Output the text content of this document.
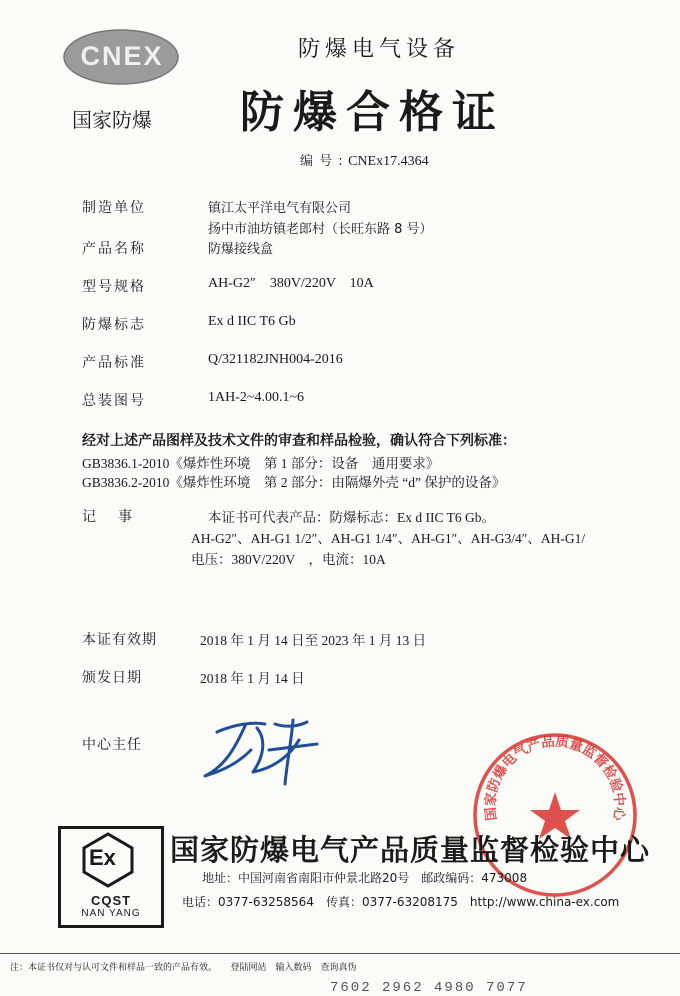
CNEX
国家防爆
防爆电气设备
防爆合格证
编 号 : CNEx17.4364
制造单位	镇江太平洋电气有限公司
扬中市油坊镇老郎村（长旺东路 8 号）
产品名称	防爆接线盒
型号规格	AH-G2″    380V/220V    10A
防爆标志	Ex d IIC T6 Gb
产品标准	Q/321182JNH004-2016
总装图号	1AH-2~4.00.1~6
经对上述产品图样及技术文件的审查和样品检验，确认符合下列标准：
GB3836.1-2010《爆炸性环境　第 1 部分：设备　通用要求》
GB3836.2-2010《爆炸性环境　第 2 部分：由隔爆外壳 “d” 保护的设备》
记　事	本证书可代表产品：防爆标志：Ex d IIC T6 Gb。
AH-G2″、AH-G1 1/2″、AH-G1 1/4″、AH-G1″、AH-G3/4″、AH-G1/
电压：380V/220V    ，电流：10A
本证有效期	2018 年 1 月 14 日至 2023 年 1 月 13 日
颁发日期	2018 年 1 月 14 日
中心主任
国家防爆电气产品质量监督检验中心
Ex
CQST
NAN YANG
国家防爆电气产品质量监督检验中心
地址：中国河南省南阳市仲景北路20号　邮政编码：473008
电话：0377-63258564　传真：0377-63208175　http://www.china-ex.com
注：本证书仅对与认可文件和样品一致的产品有效。　　登陆网站　输入数码　查询真伪
7602 2962 4980 7077
